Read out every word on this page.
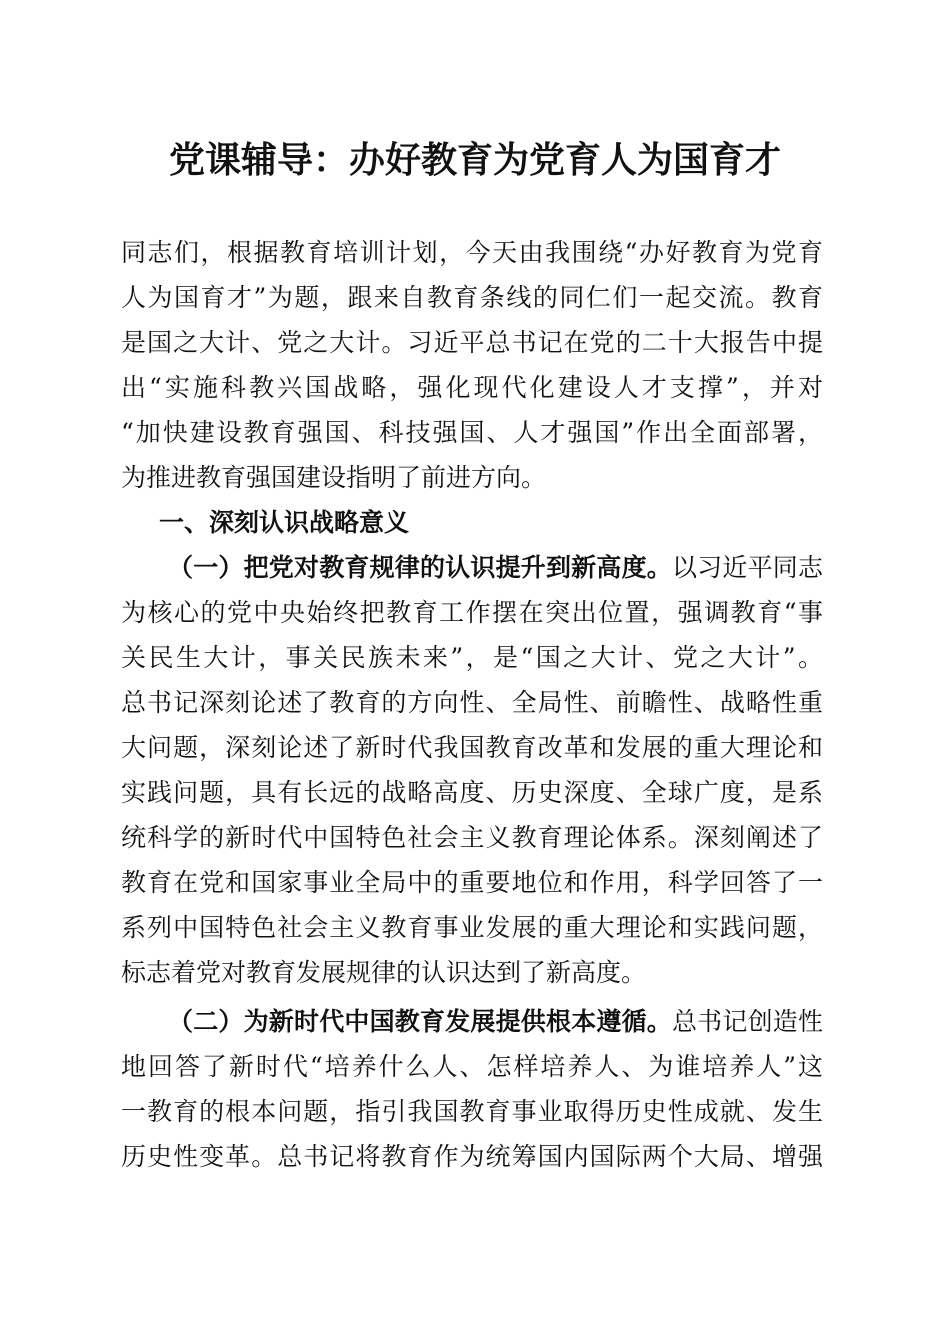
党课辅导：办好教育为党育人为国育才
同志们，根据教育培训计划，今天由我围绕“办好教育为党育
人为国育才”为题，跟来自教育条线的同仁们一起交流。教育
是国之大计、党之大计。习近平总书记在党的二十大报告中提
出“实施科教兴国战略，强化现代化建设人才支撑”，并对
“加快建设教育强国、科技强国、人才强国”作出全面部署，
为推进教育强国建设指明了前进方向。
一、深刻认识战略意义
（一）把党对教育规律的认识提升到新高度。以习近平同志
为核心的党中央始终把教育工作摆在突出位置，强调教育“事
关民生大计，事关民族未来”，是“国之大计、党之大计”。
总书记深刻论述了教育的方向性、全局性、前瞻性、战略性重
大问题，深刻论述了新时代我国教育改革和发展的重大理论和
实践问题，具有长远的战略高度、历史深度、全球广度，是系
统科学的新时代中国特色社会主义教育理论体系。深刻阐述了
教育在党和国家事业全局中的重要地位和作用，科学回答了一
系列中国特色社会主义教育事业发展的重大理论和实践问题，
标志着党对教育发展规律的认识达到了新高度。
（二）为新时代中国教育发展提供根本遵循。总书记创造性
地回答了新时代“培养什么人、怎样培养人、为谁培养人”这
一教育的根本问题，指引我国教育事业取得历史性成就、发生
历史性变革。总书记将教育作为统筹国内国际两个大局、增强
